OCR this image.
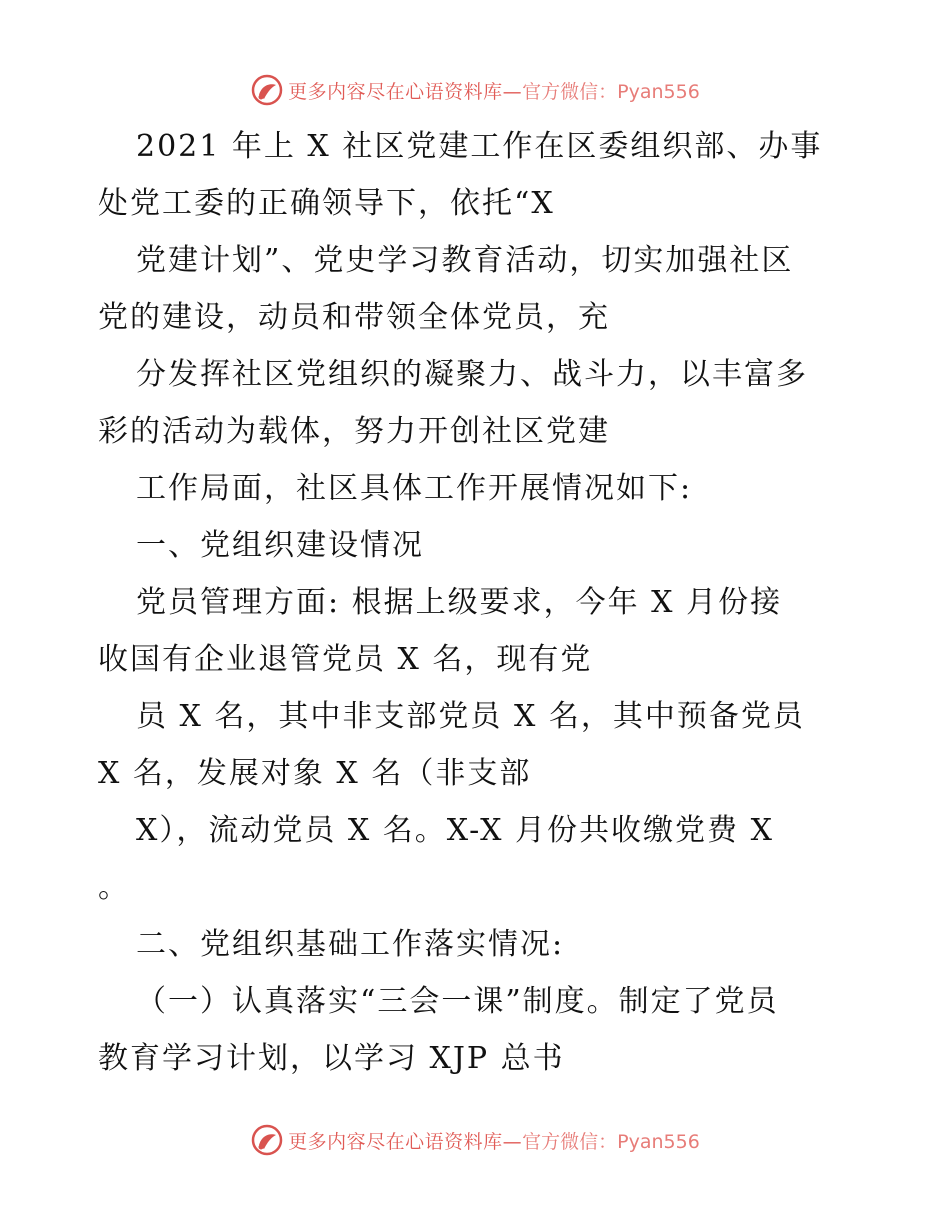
更多内容尽在心语资料库— 官方微信：Pyan556
2021 年上 X 社区党建工作在区委组织部、办事
处党工委的正确领导下，依托“X
党建计划”、党史学习教育活动，切实加强社区
党的建设，动员和带领全体党员，充
分发挥社区党组织的凝聚力、战斗力，以丰富多
彩的活动为载体，努力开创社区党建
工作局面，社区具体工作开展情况如下:
一、党组织建设情况
党员管理方面: 根据上级要求，今年 X 月份接
收国有企业退管党员 X 名，现有党
员 X 名，其中非支部党员 X 名，其中预备党员
X 名，发展对象 X 名（非支部
X），流动党员 X 名。X-X 月份共收缴党费 X
。
二、党组织基础工作落实情况:
（一）认真落实“三会一课”制度。制定了党员
教育学习计划，以学习 XJP 总书
更多内容尽在心语资料库— 官方微信：Pyan556
